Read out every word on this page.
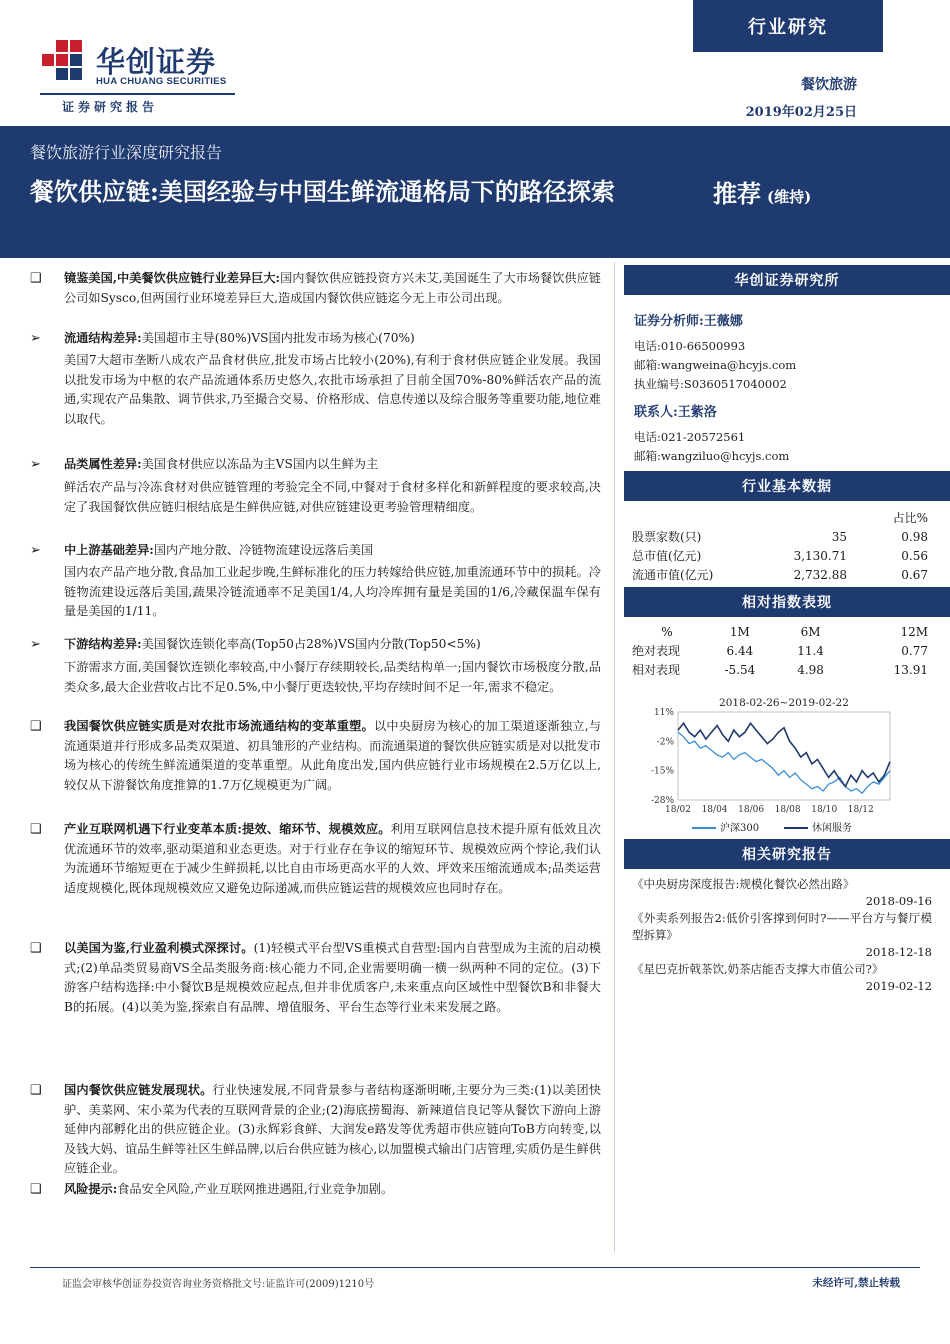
行业研究
华创证券
HUA CHUANG SECURITIES
证券研究报告
餐饮旅游
2019年02月25日
餐饮旅游行业深度研究报告
餐饮供应链:美国经验与中国生鲜流通格局下的路径探索	推荐 (维持)
❑	镜鉴美国,中美餐饮供应链行业差异巨大:国内餐饮供应链投资方兴未艾,美国诞生了大市场餐饮供应链公司如Sysco,但两国行业环境差异巨大,造成国内餐饮供应链迄今无上市公司出现。
➢	流通结构差异:美国超市主导(80%)VS国内批发市场为核心(70%)
美国7大超市垄断八成农产品食材供应,批发市场占比较小(20%),有利于食材供应链企业发展。我国以批发市场为中枢的农产品流通体系历史悠久,农批市场承担了目前全国70%-80%鲜活农产品的流通,实现农产品集散、调节供求,乃至撮合交易、价格形成、信息传递以及综合服务等重要功能,地位难以取代。
➢	品类属性差异:美国食材供应以冻品为主VS国内以生鲜为主
鲜活农产品与冷冻食材对供应链管理的考验完全不同,中餐对于食材多样化和新鲜程度的要求较高,决定了我国餐饮供应链归根结底是生鲜供应链,对供应链建设更考验管理精细度。
➢	中上游基础差异:国内产地分散、冷链物流建设远落后美国
国内农产品产地分散,食品加工业起步晚,生鲜标准化的压力转嫁给供应链,加重流通环节中的损耗。冷链物流建设远落后美国,蔬果冷链流通率不足美国1/4,人均冷库拥有量是美国的1/6,冷藏保温车保有量是美国的1/11。
➢	下游结构差异:美国餐饮连锁化率高(Top50占28%)VS国内分散(Top50<5%)
下游需求方面,美国餐饮连锁化率较高,中小餐厅存续期较长,品类结构单一;国内餐饮市场极度分散,品类众多,最大企业营收占比不足0.5%,中小餐厅更迭较快,平均存续时间不足一年,需求不稳定。
❑	我国餐饮供应链实质是对农批市场流通结构的变革重塑。以中央厨房为核心的加工渠道逐渐独立,与流通渠道并行形成多品类双渠道、初具雏形的产业结构。而流通渠道的餐饮供应链实质是对以批发市场为核心的传统生鲜流通渠道的变革重塑。从此角度出发,国内供应链行业市场规模在2.5万亿以上,较仅从下游餐饮角度推算的1.7万亿规模更为广阔。
❑	产业互联网机遇下行业变革本质:提效、缩环节、规模效应。利用互联网信息技术提升原有低效且次优流通环节的效率,驱动渠道和业态更迭。对于行业存在争议的缩短环节、规模效应两个悖论,我们认为流通环节缩短更在于减少生鲜损耗,以比自由市场更高水平的人效、坪效来压缩流通成本;品类运营适度规模化,既体现规模效应又避免边际递减,而供应链运营的规模效应也同时存在。
❑	以美国为鉴,行业盈利模式深探讨。(1)轻模式平台型VS重模式自营型:国内自营型成为主流的启动模式;(2)单品类贸易商VS全品类服务商:核心能力不同,企业需要明确一横一纵两种不同的定位。(3)下游客户结构选择:中小餐饮B是规模效应起点,但并非优质客户,未来重点向区域性中型餐饮B和非餐大B的拓展。(4)以美为鉴,探索自有品牌、增值服务、平台生态等行业未来发展之路。
❑	国内餐饮供应链发展现状。行业快速发展,不同背景参与者结构逐渐明晰,主要分为三类:(1)以美团快驴、美菜网、宋小菜为代表的互联网背景的企业;(2)海底捞蜀海、新辣道信良记等从餐饮下游向上游延伸内部孵化出的供应链企业。(3)永辉彩食鲜、大润发e路发等优秀超市供应链向ToB方向转变,以及钱大妈、谊品生鲜等社区生鲜品牌,以后台供应链为核心,以加盟模式输出门店管理,实质仍是生鲜供应链企业。
❑	风险提示:食品安全风险,产业互联网推进遇阻,行业竞争加剧。
华创证券研究所
证券分析师:王薇娜
电话:010-66500993
邮箱:wangweina@hcyjs.com
执业编号:S0360517040002
联系人:王紫洛
电话:021-20572561
邮箱:wangziluo@hcyjs.com
行业基本数据
		占比%
股票家数(只)	35	0.98
总市值(亿元)	3,130.71	0.56
流通市值(亿元)	2,732.88	0.67
相对指数表现
%	1M	6M	12M
绝对表现	6.44	11.4	0.77
相对表现	-5.54	4.98	13.91
2018-02-26~2019-02-22
11%
-2%
-15%
-28%
18/02 18/04 18/06 18/08 18/10 18/12
沪深300	休闲服务
相关研究报告
《中央厨房深度报告:规模化餐饮必然出路》
2018-09-16
《外卖系列报告2:低价引客撑到何时?——平台方与餐厅模型拆算》
2018-12-18
《星巴克折戟茶饮,奶茶店能否支撑大市值公司?》
2019-02-12
证监会审核华创证券投资咨询业务资格批文号:证监许可(2009)1210号	未经许可,禁止转载
